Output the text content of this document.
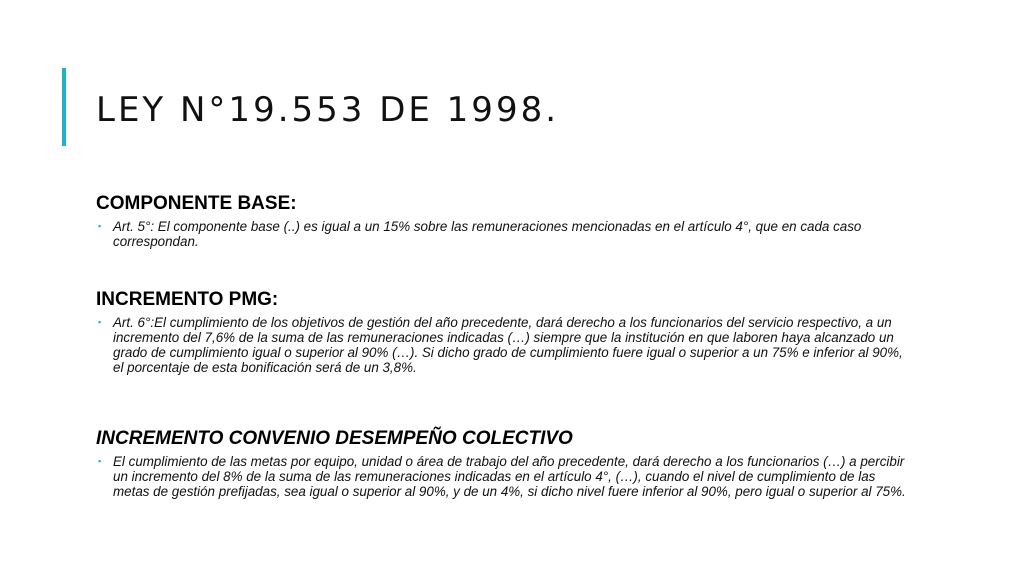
LEY N°19.553 DE 1998.
COMPONENTE BASE:
▪ Art. 5°: El componente base (..) es igual a un 15% sobre las remuneraciones mencionadas en el artículo 4°, que en cada caso correspondan.
INCREMENTO PMG:
▪ Art. 6°:El cumplimiento de los objetivos de gestión del año precedente, dará derecho a los funcionarios del servicio respectivo, a un incremento del 7,6% de la suma de las remuneraciones indicadas (…) siempre que la institución en que laboren haya alcanzado un grado de cumplimiento igual o superior al 90% (…). Si dicho grado de cumplimiento fuere igual o superior a un 75% e inferior al 90%, el porcentaje de esta bonificación será de un 3,8%.
INCREMENTO CONVENIO DESEMPEÑO COLECTIVO
▪ El cumplimiento de las metas por equipo, unidad o área de trabajo del año precedente, dará derecho a los funcionarios (…) a percibir un incremento del 8% de la suma de las remuneraciones indicadas en el artículo 4°, (…), cuando el nivel de cumplimiento de las metas de gestión prefijadas, sea igual o superior al 90%, y de un 4%, si dicho nivel fuere inferior al 90%, pero igual o superior al 75%.
